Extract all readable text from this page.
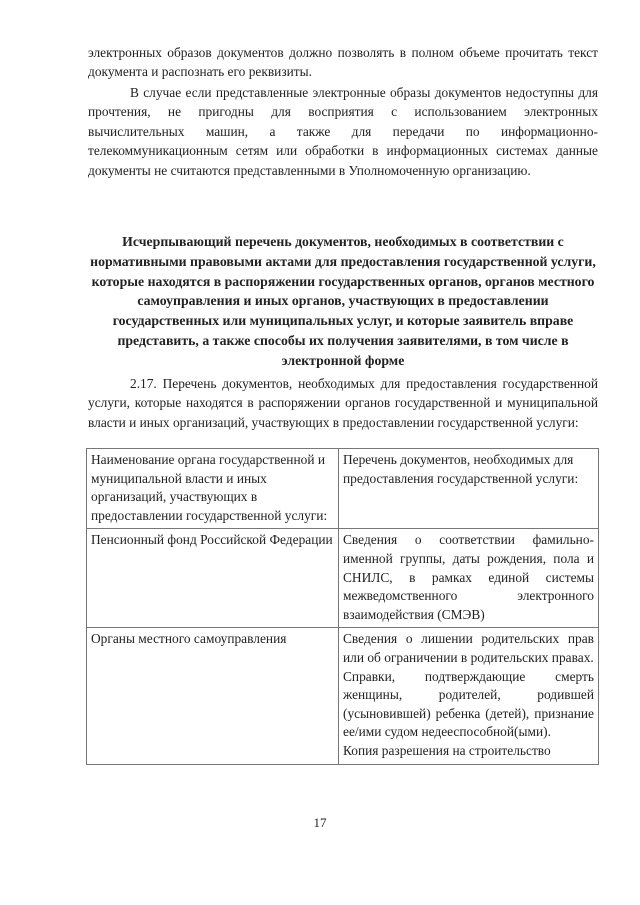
электронных образов документов должно позволять в полном объеме прочитать текст документа и распознать его реквизиты.

В случае если представленные электронные образы документов недоступны для прочтения, не пригодны для восприятия с использованием электронных вычислительных машин, а также для передачи по информационно-телекоммуникационным сетям или обработки в информационных системах данные документы не считаются представленными в Уполномоченную организацию.

Исчерпывающий перечень документов, необходимых в соответствии с нормативными правовыми актами для предоставления государственной услуги, которые находятся в распоряжении государственных органов, органов местного самоуправления и иных органов, участвующих в предоставлении государственных или муниципальных услуг, и которые заявитель вправе представить, а также способы их получения заявителями, в том числе в электронной форме

2.17. Перечень документов, необходимых для предоставления государственной услуги, которые находятся в распоряжении органов государственной и муниципальной власти и иных организаций, участвующих в предоставлении государственной услуги:

Наименование органа государственной и муниципальной власти и иных организаций, участвующих в предоставлении государственной услуги:	Перечень документов, необходимых для предоставления государственной услуги:
Пенсионный фонд Российской Федерации	Сведения о соответствии фамильно-именной группы, даты рождения, пола и СНИЛС, в рамках единой системы межведомственного электронного взаимодействия (СМЭВ)

Органы местного самоуправления	Сведения о лишении родительских прав или об ограничении в родительских правах.

Справки, подтверждающие смерть женщины, родителей, родившей (усыновившей) ребенка (детей), признание ее/ими судом недееспособной(ыми).

Копия разрешения на строительство

17
